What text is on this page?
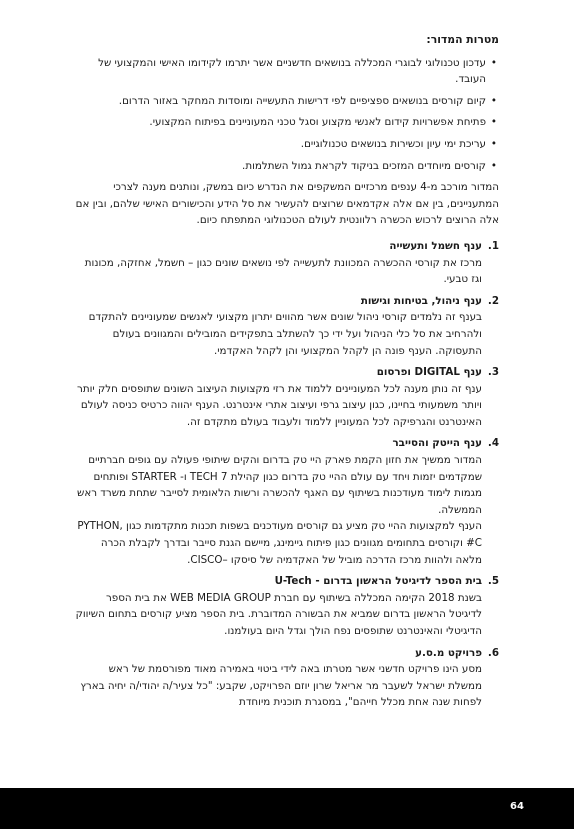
מטרות המדור:
•
עדכון טכנולוגי לבוגרי המכללה בנושאים חדשניים אשר יתרמו לקידומו האישי והמקצועי של העובד.
•
קיום קורסים בנושאים ספציפיים לפי דרישות התעשייה ומוסדות המחקר באזור הדרום.
•
פתיחת אפשרויות קידום לאנשי מקצוע וסגל טכני המעוניינים בפיתוח המקצועי.
•
עריכת ימי עיון וכשירות בנושאים טכנולוגיים.
•
קורסים מיוחדים המזכים בניקוד לקראת גמול השתלמות.

המדור מורכב מ-4 ענפים מרכזיים המשקפים את הנדרש כיום במשק, ונותנים מענה לצרכי המתעניינים, בין אם אלה אקדמאים שרוצים להעשיר את סל הידע והכישורים האישי שלהם, ובין אם אלה הרוצים לרכוש הכשרה רלוונטית לעולם הטכנולוגי המתפתח כיום.

1.
ענף חשמל ותעשייה

מרכז את קורסי ההכשרה המכוונת לתעשייה לפי נושאים שונים כגון – חשמל, אחזקה, מכונות וגז טבעי.

2.
ענף ניהול, בטיחות וגישות

בענף זה נלמדים קורסי ניהול שונים אשר מהווים יתרון מקצועי לאנשים שמעוניינים להתקדם ולהרחיב את סל כלי הניהול ועל ידי כך להשתלב בתפקידים המובילים והמגוונים בעולם התעסוקה. הענף פונה הן לקהל המקצועי והן לקהל האקדמי.

3.
ענף DIGITAL ופרסום

ענף זה נותן מענה לכל המעוניינים ללמוד את רזי מקצועות העיצוב השונים שתופסים חלק יותר ויותר משמעותי בחיינו, כגון עיצוב גרפי ועיצוב אתרי אינטרנט. הענף יהווה כרטיס כניסה לעולם האינטרנט והגרפיקה לכל המעוניין ללמוד ולעבוד בעולם מתקדם זה.

4.
ענף הייטק והסייבר

המדור ממשיך את חזון הקמת פארק היי טק בדרום והקים שיתופי פעולה עם גופים חברתיים שמקדמים יזמות ויחד עם עולם ההיי טק בדרום כגון קהילת TECH 7 ו- STARTER ופותחים מגמות לימוד מעודכנות בשיתוף עם האגף להכשרה ורשות הלאומית לסייבר שתחת משרד ראש הממשלה.

הענף למקצועות ההיי טק מציע גם קורסים מעודכנים בשפות תכנות מתקדמות כגון PYTHON, C# וקורסים בתחומים מגוונים כגון פיתוח גיימינג, מיישם הגנת סייבר ובדרך לקבלת הכרה מלאה ולהוות מרכז הדרכה מוביל של האקדמיה של סיסקו –CISCO.

5.
בית הספר לדיגיטל הראשון בדרום - U-Tech

בשנת 2018 הקימה המכללה בשיתוף עם חברת WEB MEDIA GROUP את בית הספר לדיגיטל הראשון בדרום שמביא את הבשורה המדוברת. בית הספר מציע קורסים בתחום השיווק הדיגיטלי והאינטרנט שתופסים נפח הולך וגדל היום בעולמנו.

6.
פרויקט מ.ס.ע

מסע הינו פרויקט חדשני אשר מטרתו באה לידי ביטוי באמירה מאוד מפורסמת של ראש ממשלת ישראל לשעבר מר אריאל שרון יוזם הפרויקט, שקבע: "כל צעיר/ה יהודי/ה יחיה בארץ לפחות שנה אחת מכלל חייהם", במסגרת תוכנית מיוחדת

64
